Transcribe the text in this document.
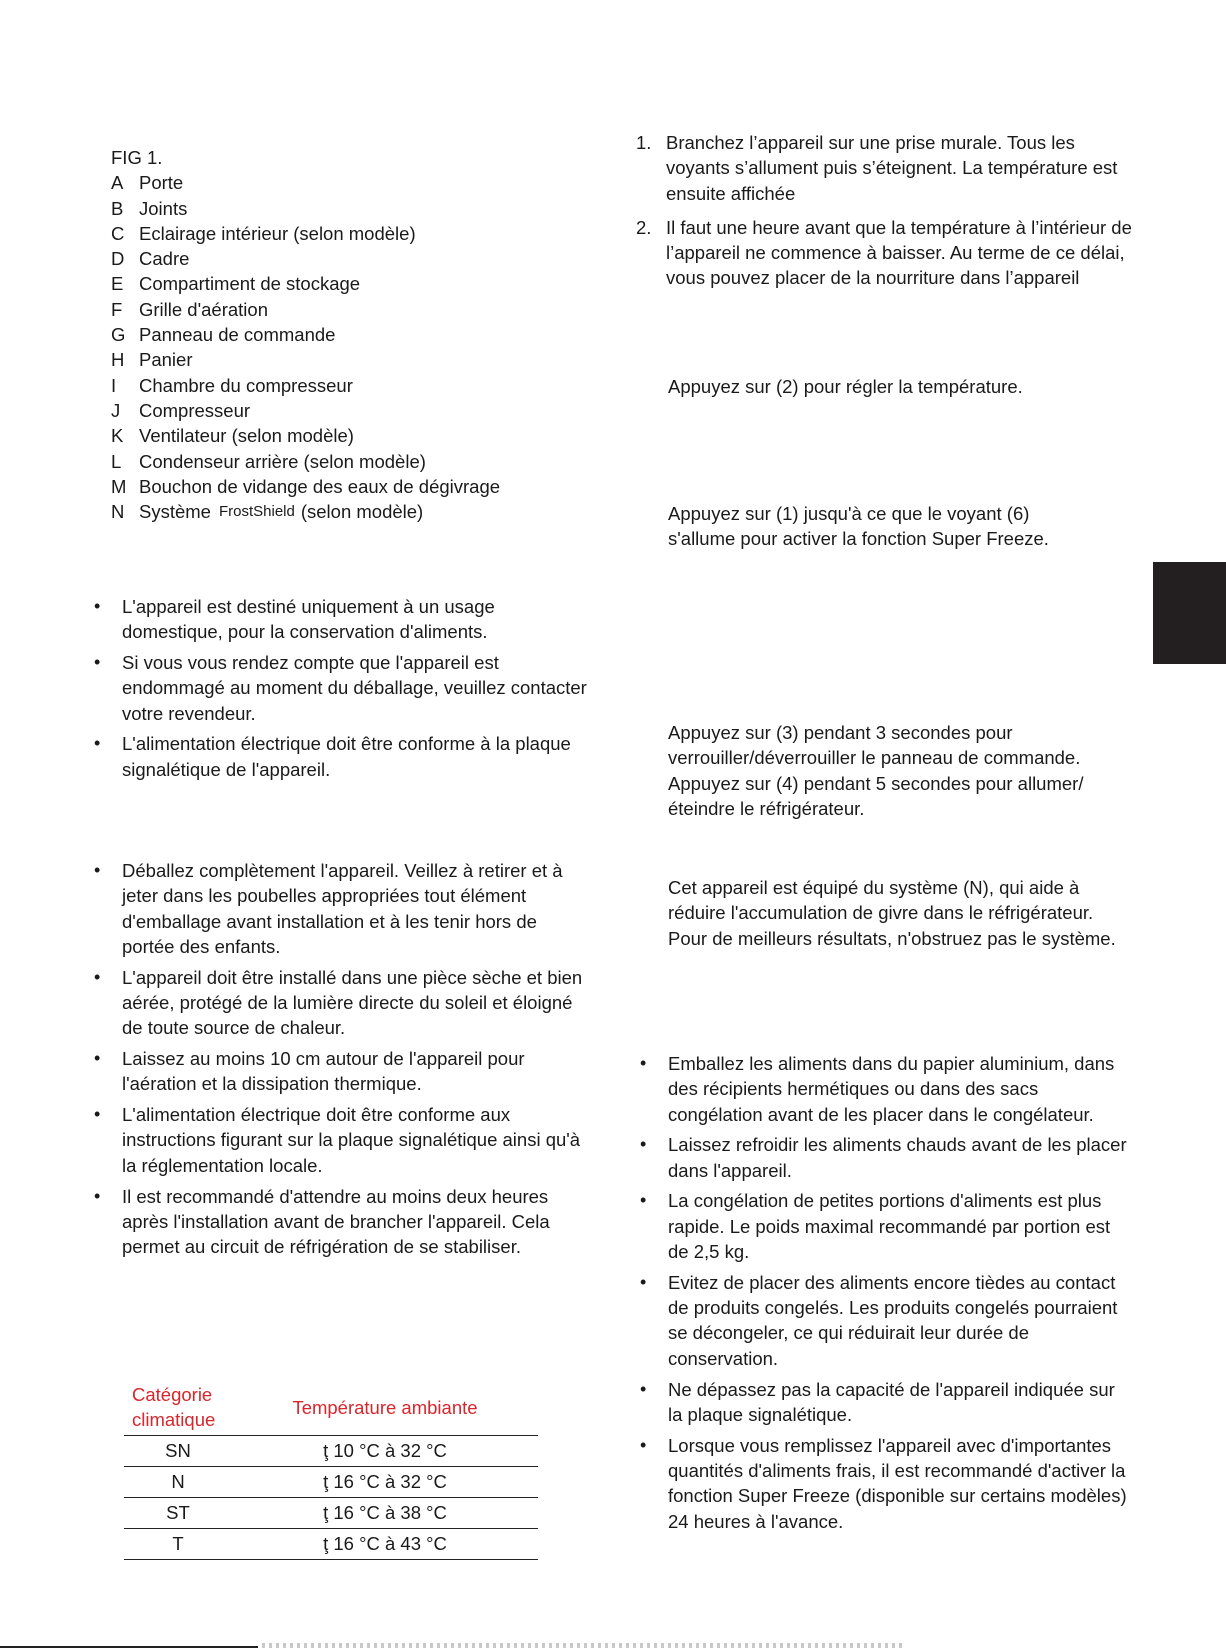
FIG 1.
A Porte
B Joints
C Eclairage intérieur (selon modèle)
D Cadre
E Compartiment de stockage
F Grille d'aération
G Panneau de commande
H Panier
I	Chambre du compresseur
J	Compresseur
K Ventilateur (selon modèle)
L Condenseur arrière (selon modèle)
M Bouchon de vidange des eaux de dégivrage
N Système FrostShield (selon modèle)
• L'appareil est destiné uniquement à un usage domestique, pour la conservation d'aliments.
• Si vous vous rendez compte que l'appareil est endommagé au moment du déballage, veuillez contacter votre revendeur.
• L'alimentation électrique doit être conforme à la plaque signalétique de l'appareil.
• Déballez complètement l'appareil. Veillez à retirer et à jeter dans les poubelles appropriées tout élément d'emballage avant installation et à les tenir hors de portée des enfants.
• L'appareil doit être installé dans une pièce sèche et bien aérée, protégé de la lumière directe du soleil et éloigné de toute source de chaleur.
• Laissez au moins 10 cm autour de l'appareil pour l'aération et la dissipation thermique.
• L'alimentation électrique doit être conforme aux instructions figurant sur la plaque signalétique ainsi qu'à la réglementation locale.
• Il est recommandé d'attendre au moins deux heures après l'installation avant de brancher l'appareil. Cela permet au circuit de réfrigération de se stabiliser.
Catégorie climatique	Température ambiante
SN	ţ 10 °C à 32 °C
N	ţ 16 °C à 32 °C
ST	ţ 16 °C à 38 °C
T	ţ 16 °C à 43 °C
1. Branchez l’appareil sur une prise murale. Tous les voyants s’allument puis s’éteignent. La température est ensuite affichée
2. Il faut une heure avant que la température à l’intérieur de l’appareil ne commence à baisser. Au terme de ce délai, vous pouvez placer de la nourriture dans l’appareil
Appuyez sur (2) pour régler la température.
Appuyez sur (1) jusqu'à ce que le voyant (6) s'allume pour activer la fonction Super Freeze.
Appuyez sur (3) pendant 3 secondes pour verrouiller/déverrouiller le panneau de commande.
Appuyez sur (4) pendant 5 secondes pour allumer/ éteindre le réfrigérateur.
Cet appareil est équipé du système (N), qui aide à réduire l'accumulation de givre dans le réfrigérateur. Pour de meilleurs résultats, n'obstruez pas le système.
• Emballez les aliments dans du papier aluminium, dans des récipients hermétiques ou dans des sacs congélation avant de les placer dans le congélateur.
• Laissez refroidir les aliments chauds avant de les placer dans l'appareil.
• La congélation de petites portions d'aliments est plus rapide. Le poids maximal recommandé par portion est de 2,5 kg.
• Evitez de placer des aliments encore tièdes au contact de produits congelés. Les produits congelés pourraient se décongeler, ce qui réduirait leur durée de conservation.
• Ne dépassez pas la capacité de l'appareil indiquée sur la plaque signalétique.
• Lorsque vous remplissez l'appareil avec d'importantes quantités d'aliments frais, il est recommandé d'activer la fonction Super Freeze (disponible sur certains modèles) 24 heures à l'avance.
